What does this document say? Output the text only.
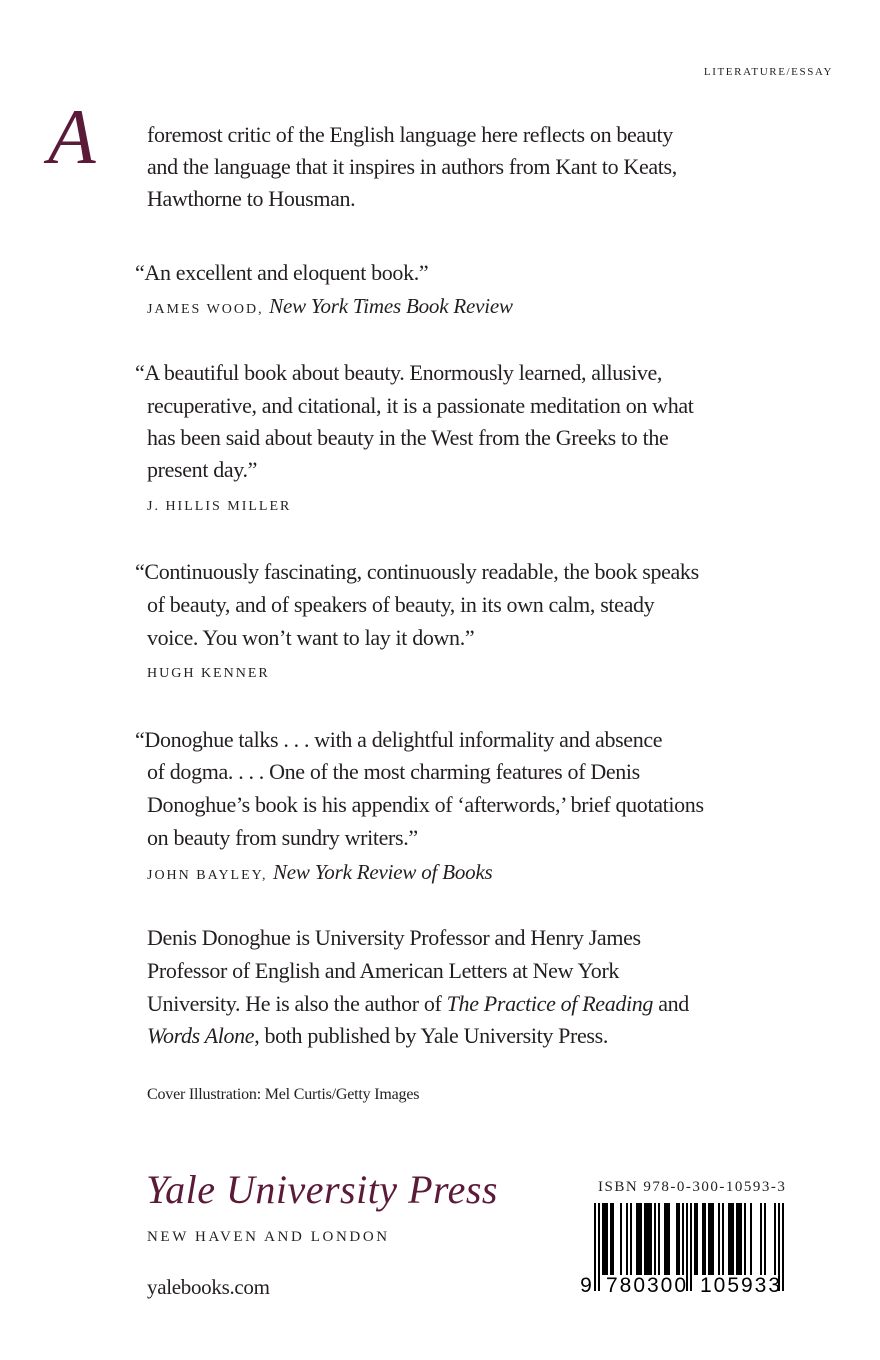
LITERATURE/ESSAY
A foremost critic of the English language here reflects on beauty
and the language that it inspires in authors from Kant to Keats,
Hawthorne to Housman.
“An excellent and eloquent book.”
JAMES WOOD, New York Times Book Review
“A beautiful book about beauty. Enormously learned, allusive,
recuperative, and citational, it is a passionate meditation on what
has been said about beauty in the West from the Greeks to the
present day.”
J. HILLIS MILLER
“Continuously fascinating, continuously readable, the book speaks
of beauty, and of speakers of beauty, in its own calm, steady
voice. You won’t want to lay it down.”
HUGH KENNER
“Donoghue talks . . . with a delightful informality and absence
of dogma. . . . One of the most charming features of Denis
Donoghue’s book is his appendix of ‘afterwords,’ brief quotations
on beauty from sundry writers.”
JOHN BAYLEY, New York Review of Books
Denis Donoghue is University Professor and Henry James
Professor of English and American Letters at New York
University. He is also the author of The Practice of Reading and
Words Alone, both published by Yale University Press.
Cover Illustration: Mel Curtis/Getty Images
Yale University Press
NEW HAVEN AND LONDON
yalebooks.com
ISBN 978-0-300-10593-3
9 780300 105933
